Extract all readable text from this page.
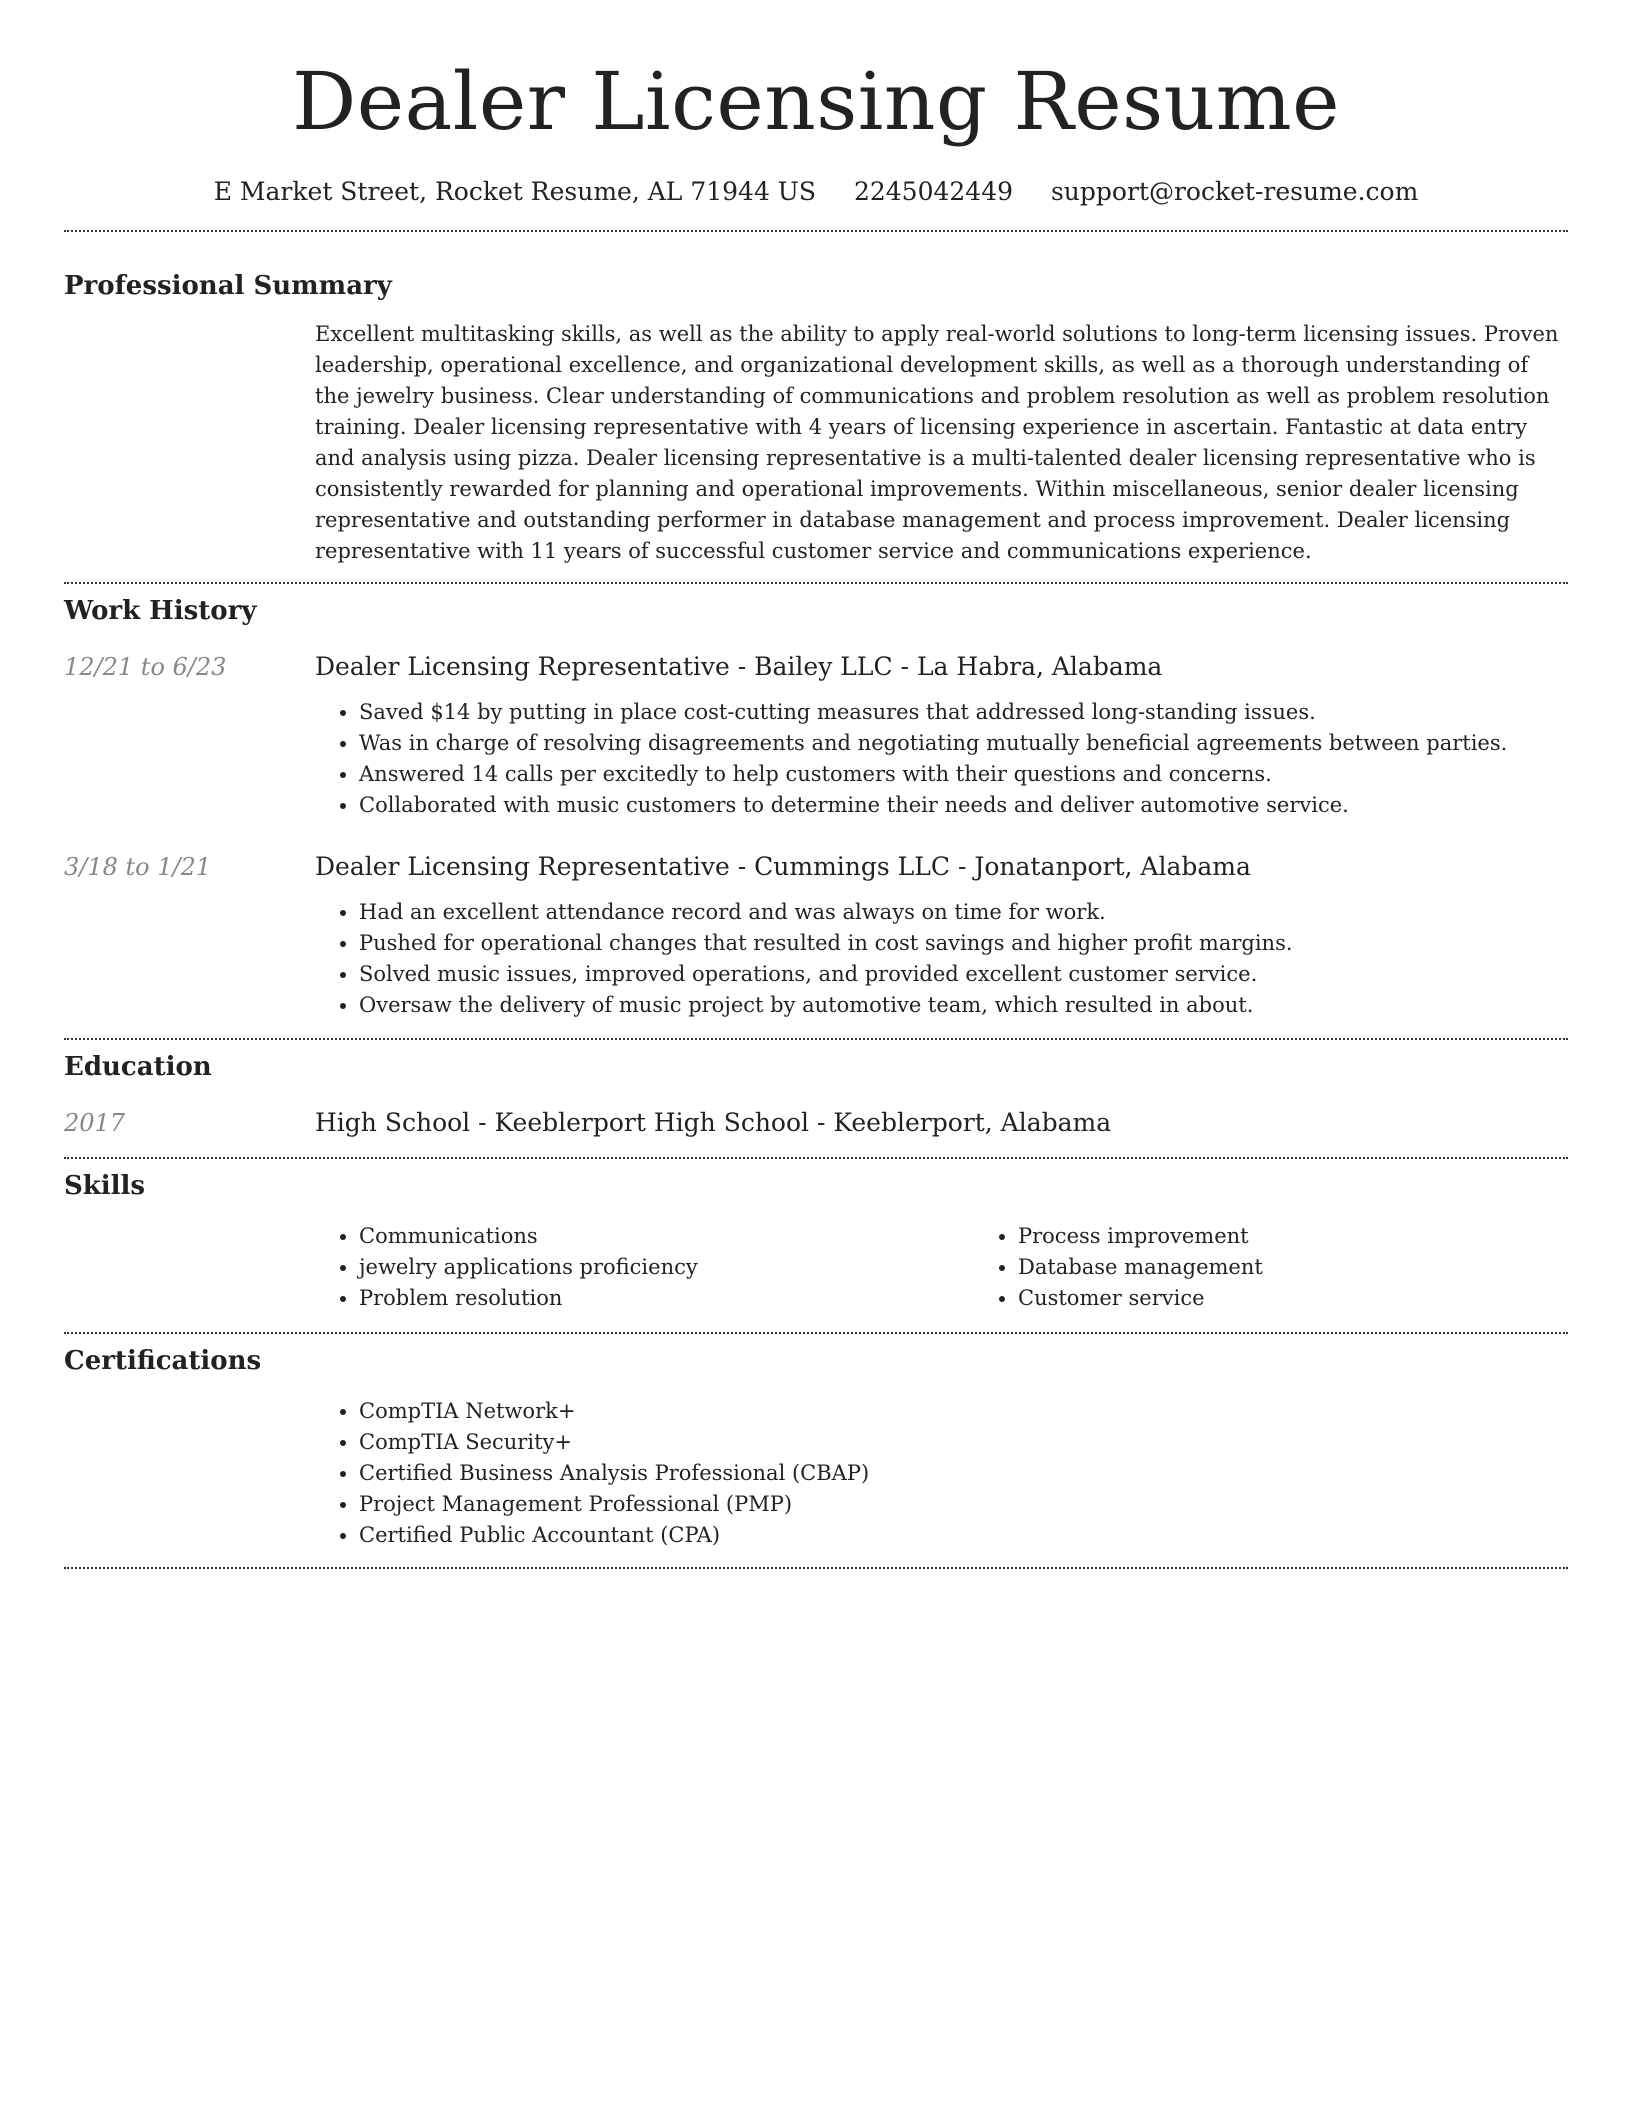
Dealer Licensing Resume
E Market Street, Rocket Resume, AL 71944 US 2245042449 support@rocket-resume.com
Professional Summary

Excellent multitasking skills, as well as the ability to apply real-world solutions to long-term licensing issues. Proven leadership, operational excellence, and organizational development skills, as well as a thorough understanding of the jewelry business. Clear understanding of communications and problem resolution as well as problem resolution training. Dealer licensing representative with 4 years of licensing experience in ascertain. Fantastic at data entry and analysis using pizza. Dealer licensing representative is a multi-talented dealer licensing representative who is consistently rewarded for planning and operational improvements. Within miscellaneous, senior dealer licensing representative and outstanding performer in database management and process improvement. Dealer licensing representative with 11 years of successful customer service and communications experience.

Work History
12/21 to 6/23	Dealer Licensing Representative - Bailey LLC - La Habra, Alabama

• Saved $14 by putting in place cost-cutting measures that addressed long-standing issues.
• Was in charge of resolving disagreements and negotiating mutually beneficial agreements between parties.
• Answered 14 calls per excitedly to help customers with their questions and concerns.
• Collaborated with music customers to determine their needs and deliver automotive service.
3/18 to 1/21	Dealer Licensing Representative - Cummings LLC - Jonatanport, Alabama

• Had an excellent attendance record and was always on time for work.
• Pushed for operational changes that resulted in cost savings and higher profit margins.
• Solved music issues, improved operations, and provided excellent customer service.
• Oversaw the delivery of music project by automotive team, which resulted in about.
Education
2017	High School - Keeblerport High School - Keeblerport, Alabama

Skills
• Communications
• jewelry applications proficiency
• Problem resolution
• Process improvement
• Database management
• Customer service
Certifications
• CompTIA Network+
• CompTIA Security+
• Certified Business Analysis Professional (CBAP)
• Project Management Professional (PMP)
• Certified Public Accountant (CPA)
